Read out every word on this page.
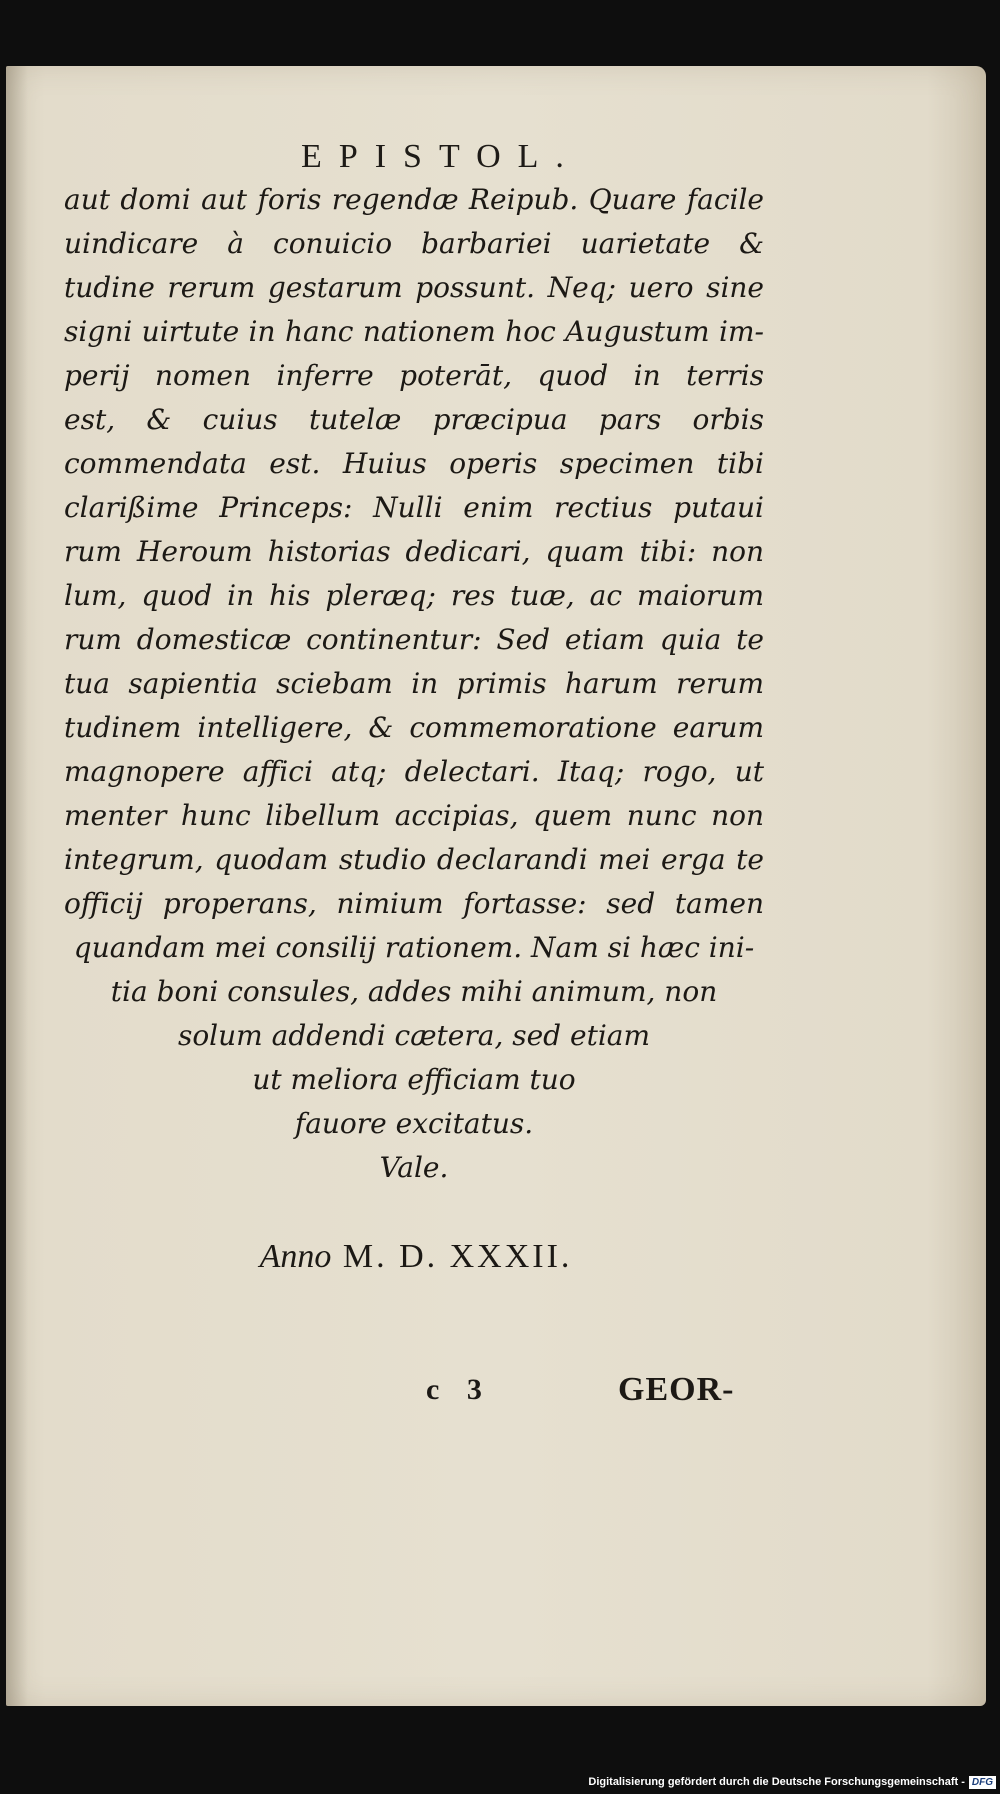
EPISTOL.
aut domi aut foris regendæ Reipub. Quare facile
uindicare à conuicio barbariei uarietate &
tudine rerum gestarum possunt. Neq; uero sine
signi uirtute in hanc nationem hoc Augustum im-
perij nomen inferre poterāt, quod in terris
est, & cuius tutelæ præcipua pars orbis
commendata est. Huius operis specimen tibi
clarißime Princeps: Nulli enim rectius putaui
rum Heroum historias dedicari, quam tibi: non
lum, quod in his pleræq; res tuæ, ac maiorum
rum domesticæ continentur: Sed etiam quia te
tua sapientia sciebam in primis harum rerum
tudinem intelligere, & commemoratione earum
magnopere affici atq; delectari. Itaq; rogo, ut
menter hunc libellum accipias, quem nunc non
integrum, quodam studio declarandi mei erga te
officij properans, nimium fortasse: sed tamen
quandam mei consilij rationem. Nam si hæc ini-
tia boni consules, addes mihi animum, non
solum addendi cætera, sed etiam
ut meliora efficiam tuo
fauore excitatus.
Vale.
Anno M. D. XXXII.
c 3	GEOR-
Digitalisierung gefördert durch die Deutsche Forschungsgemeinschaft - DFG
